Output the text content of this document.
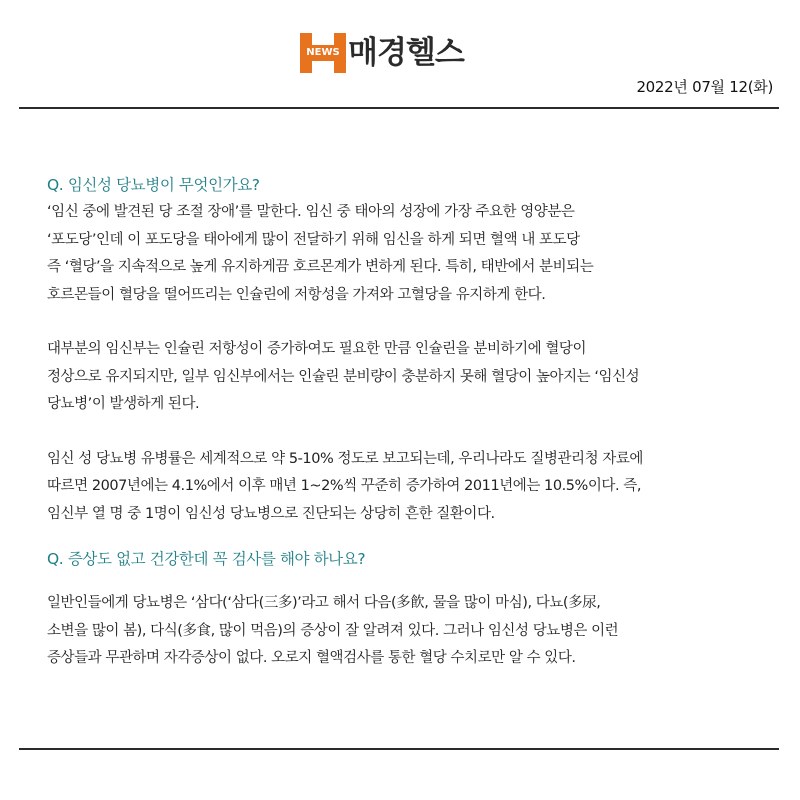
NEWS 매경헬스
2022년 07월 12(화)

Q. 임신성 당뇨병이 무엇인가요?

‘임신 중에 발견된 당 조절 장애’를 말한다. 임신 중 태아의 성장에 가장 주요한 영양분은

‘포도당’인데 이 포도당을 태아에게 많이 전달하기 위해 임신을 하게 되면 혈액 내 포도당

즉 ‘혈당’을 지속적으로 높게 유지하게끔 호르몬계가 변하게 된다. 특히, 태반에서 분비되는

호르몬들이 혈당을 떨어뜨리는 인슐린에 저항성을 가져와 고혈당을 유지하게 한다.

대부분의 임신부는 인슐린 저항성이 증가하여도 필요한 만큼 인슐린을 분비하기에 혈당이

정상으로 유지되지만, 일부 임신부에서는 인슐린 분비량이 충분하지 못해 혈당이 높아지는 ‘임신성

당뇨병’이 발생하게 된다.

임신 성 당뇨병 유병률은 세계적으로 약 5-10% 정도로 보고되는데, 우리나라도 질병관리청 자료에

따르면 2007년에는 4.1%에서 이후 매년 1~2%씩 꾸준히 증가하여 2011년에는 10.5%이다. 즉,

임신부 열 명 중 1명이 임신성 당뇨병으로 진단되는 상당히 흔한 질환이다.

Q. 증상도 없고 건강한데 꼭 검사를 해야 하나요?

일반인들에게 당뇨병은 ‘삼다(‘삼다(三多)’라고 해서 다음(多飮, 물을 많이 마심), 다뇨(多尿,

소변을 많이 봄), 다식(多食, 많이 먹음)의 증상이 잘 알려져 있다. 그러나 임신성 당뇨병은 이런

증상들과 무관하며 자각증상이 없다. 오로지 혈액검사를 통한 혈당 수치로만 알 수 있다.
